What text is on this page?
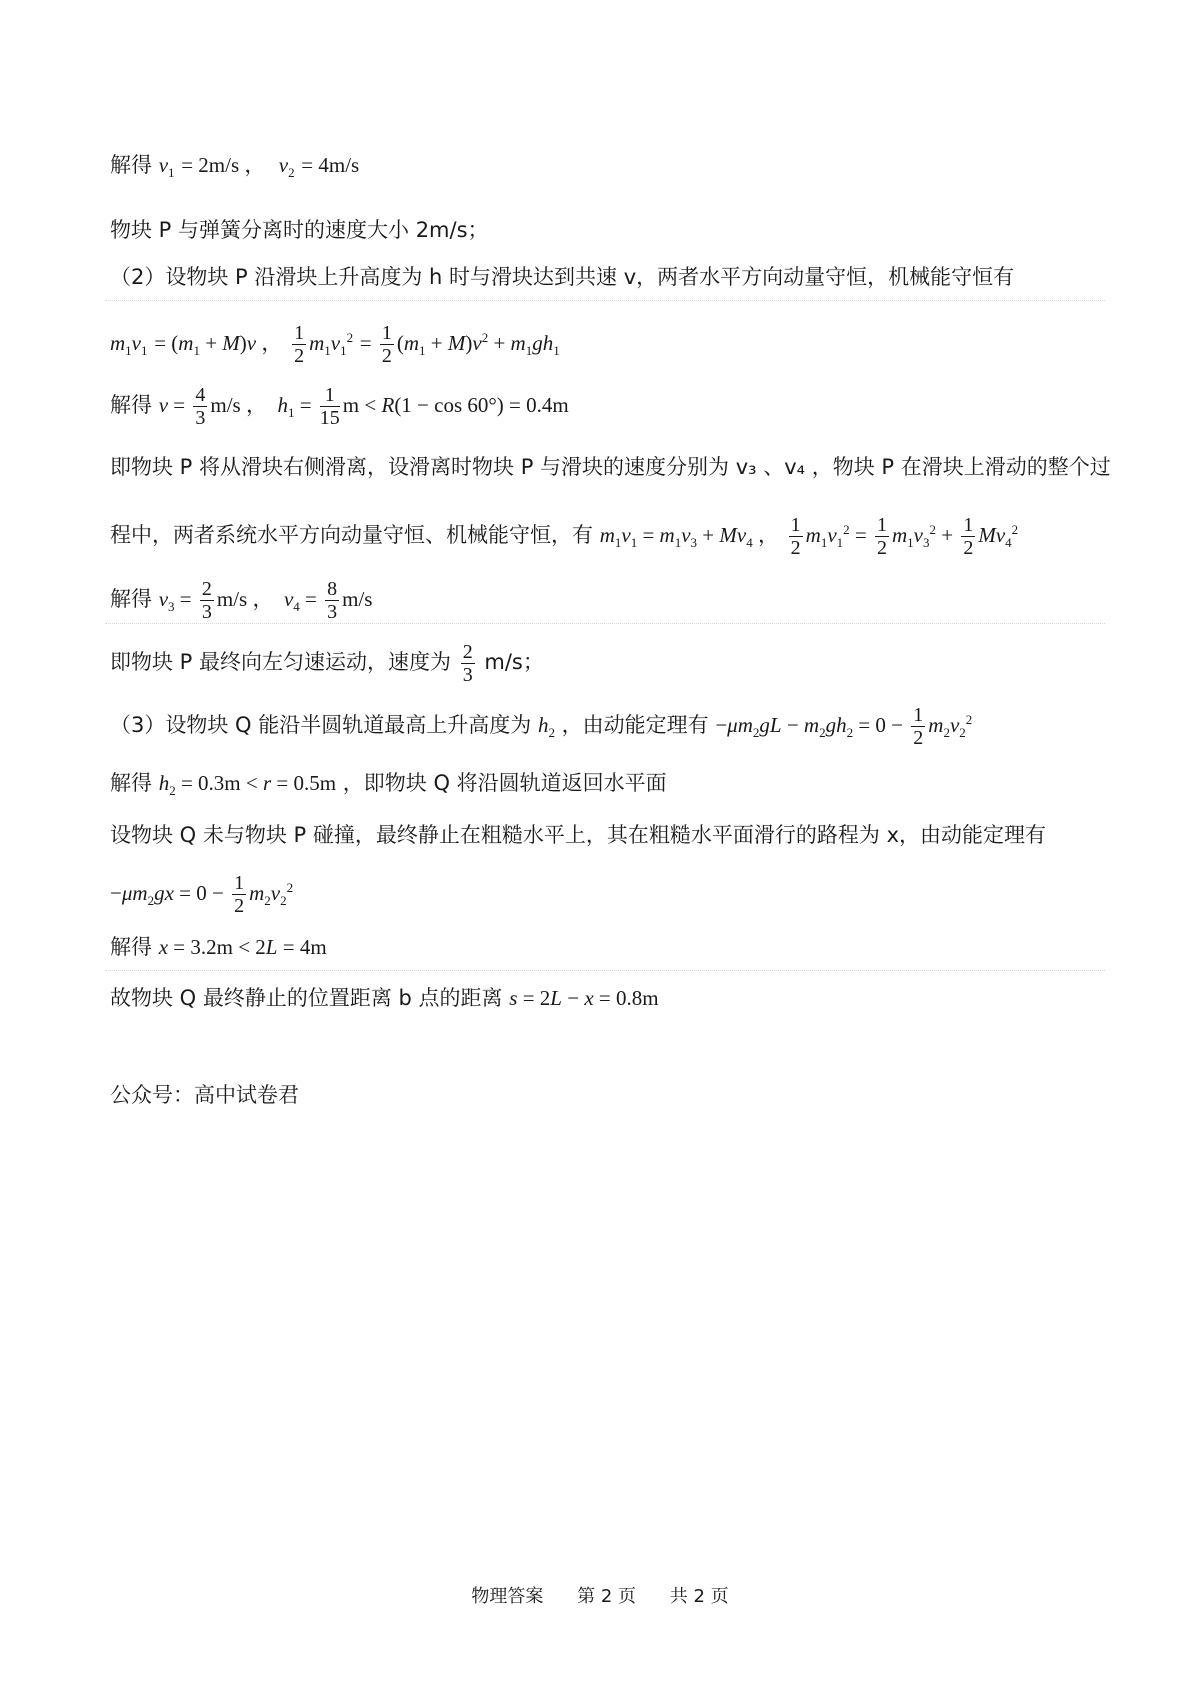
解得 $v_1 = 2m/s$ ， $v_2 = 4m/s$
物块 P 与弹簧分离时的速度大小 2m/s；
（2）设物块 P 沿滑块上升高度为 h 时与滑块达到共速 v，两者水平方向动量守恒，机械能守恒有
$m_1v_1 = (m_1 + M)v$ ， $\frac{1}{2} m_1v_1^2 = \frac{1}{2} (m_1 + M)v^2 + m_1gh_1$
解得 $v = \frac{4}{3} m/s$ ，  $h_1 = \frac{1}{15}$ m < R(1 − cos 60°) = 0.4m
即物块 P 将从滑块右侧滑离，设滑离时物块 P 与滑块的速度分别为 v₃ 、v₄ ，物块 P 在滑块上滑动的整个过
程中，两者系统水平方向动量守恒、机械能守恒，有 $m_1v_1 = m_1v_3 + Mv_4$ ， $\frac{1}{2} m_1v_1^2 = \frac{1}{2} m_1v_3^2 + \frac{1}{2} Mv_4^2$
解得 $v_3 = \frac{2}{3} m/s$ ，  $v_4 = \frac{8}{3} m/s$
即物块 P 最终向左匀速运动，速度为 $\frac{2}{3} m/s$；
（3）设物块 Q 能沿半圆轨道最高上升高度为 $h_2$ ，由动能定理有 $-\mu m_2gL - m_2gh_2 = 0 - \frac{1}{2} m_2v_2^2$
解得 $h_2 = 0.3m < r = 0.5m$ ，即物块 Q 将沿圆轨道返回水平面
设物块 Q 未与物块 P 碰撞，最终静止在粗糙水平上，其在粗糙水平面滑行的路程为 x，由动能定理有
$-\mu m_2gx = 0 - \frac{1}{2} m_2v_2^2$
解得 x = 3.2m < 2L = 4m
故物块 Q 最终静止的位置距离 b 点的距离 s = 2L − x = 0.8m
公众号：高中试卷君
物理答案 第 2 页 共 2 页
